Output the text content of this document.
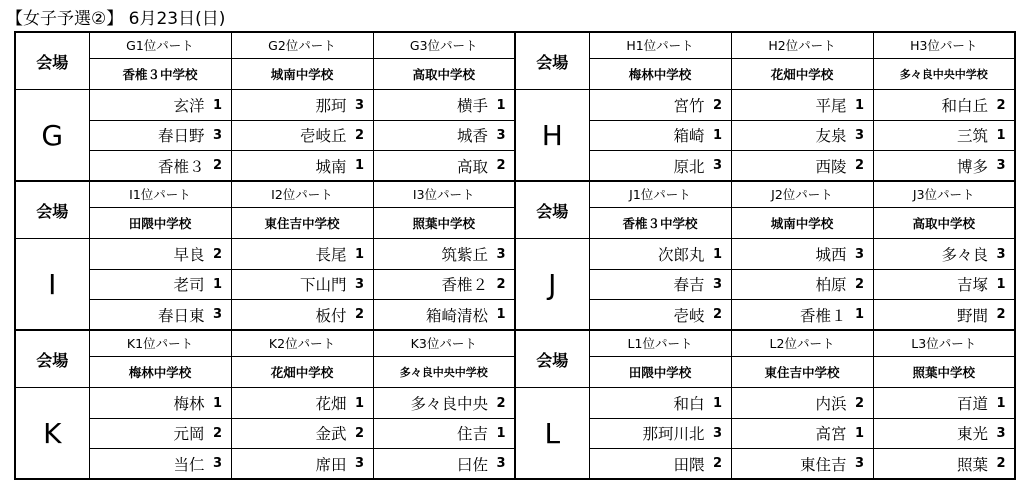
【女子予選②】 6月23日(日)
会場	G1位パート	G2位パート	G3位パート	会場	H1位パート	H2位パート	H3位パート
	香椎３中学校	城南中学校	高取中学校		梅林中学校	花畑中学校	多々良中央中学校
G	玄洋 1	那珂 3	横手 1	H	宮竹 2	平尾 1	和白丘 2

	春日野 3	壱岐丘 2	城香 3		箱崎 1	友泉 3	三筑 1

	香椎３ 2	城南 1	高取 2		原北 3	西陵 2	博多 3

会場	I1位パート	I2位パート	I3位パート	会場	J1位パート	J2位パート	J3位パート
	田隈中学校	東住吉中学校	照葉中学校		香椎３中学校	城南中学校	高取中学校
I	早良 2	長尾 1	筑紫丘 3	J	次郎丸 1	城西 3	多々良 3

	老司 1	下山門 3	香椎２ 2		春吉 3	柏原 2	吉塚 1

	春日東 3	板付 2	箱崎清松 1		壱岐 2	香椎１ 1	野間 2

会場	K1位パート	K2位パート	K3位パート	会場	L1位パート	L2位パート	L3位パート
	梅林中学校	花畑中学校	多々良中央中学校		田隈中学校	東住吉中学校	照葉中学校
K	梅林 1	花畑 1	多々良中央 2	L	和白 1	内浜 2	百道 1

	元岡 2	金武 2	住吉 1		那珂川北 3	高宮 1	東光 3

	当仁 3	席田 3	曰佐 3		田隈 2	東住吉 3	照葉 2
